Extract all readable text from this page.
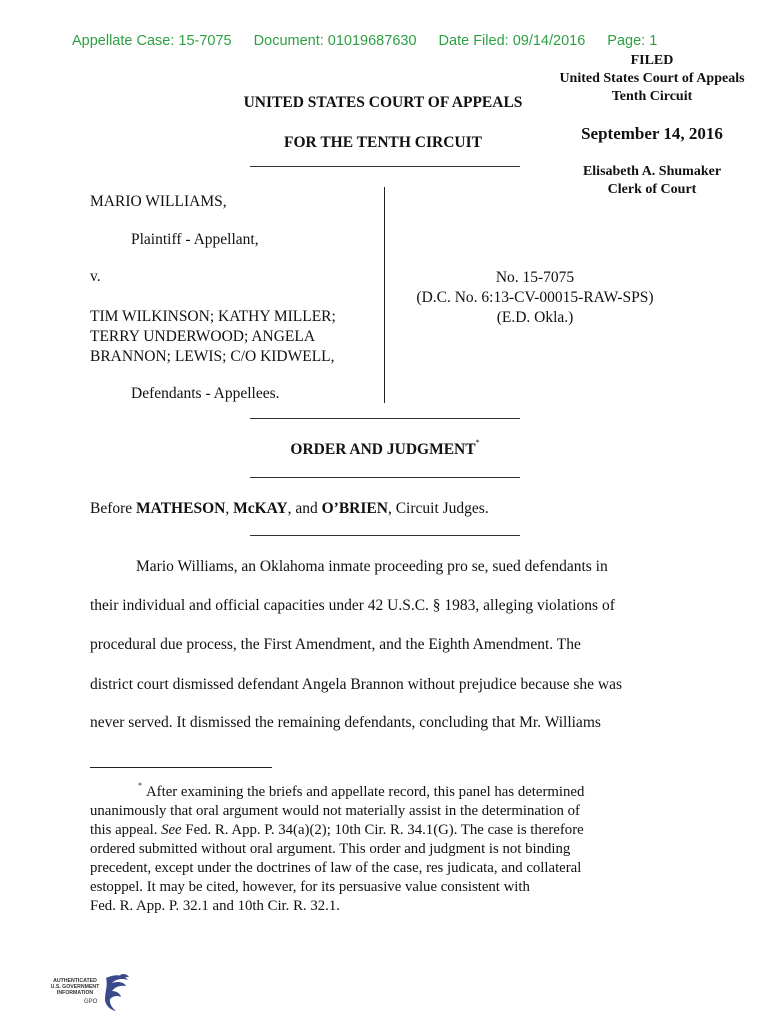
Appellate Case: 15-7075 Document: 01019687630 Date Filed: 09/14/2016 Page: 1
FILED
United States Court of Appeals
Tenth Circuit
September 14, 2016
Elisabeth A. Shumaker
Clerk of Court
UNITED STATES COURT OF APPEALS
FOR THE TENTH CIRCUIT
MARIO WILLIAMS,
Plaintiff - Appellant,
v.
TIM WILKINSON; KATHY MILLER;
TERRY UNDERWOOD; ANGELA
BRANNON; LEWIS; C/O KIDWELL,
Defendants - Appellees.
No. 15-7075
(D.C. No. 6:13-CV-00015-RAW-SPS)
(E.D. Okla.)
ORDER AND JUDGMENT*
Before MATHESON, McKAY, and O’BRIEN, Circuit Judges.
Mario Williams, an Oklahoma inmate proceeding pro se, sued defendants in
their individual and official capacities under 42 U.S.C. § 1983, alleging violations of
procedural due process, the First Amendment, and the Eighth Amendment. The
district court dismissed defendant Angela Brannon without prejudice because she was
never served. It dismissed the remaining defendants, concluding that Mr. Williams
* After examining the briefs and appellate record, this panel has determined
unanimously that oral argument would not materially assist in the determination of
this appeal. See Fed. R. App. P. 34(a)(2); 10th Cir. R. 34.1(G). The case is therefore
ordered submitted without oral argument. This order and judgment is not binding
precedent, except under the doctrines of law of the case, res judicata, and collateral
estoppel. It may be cited, however, for its persuasive value consistent with
Fed. R. App. P. 32.1 and 10th Cir. R. 32.1.
AUTHENTICATED
U.S. GOVERNMENT
INFORMATION
GPO
